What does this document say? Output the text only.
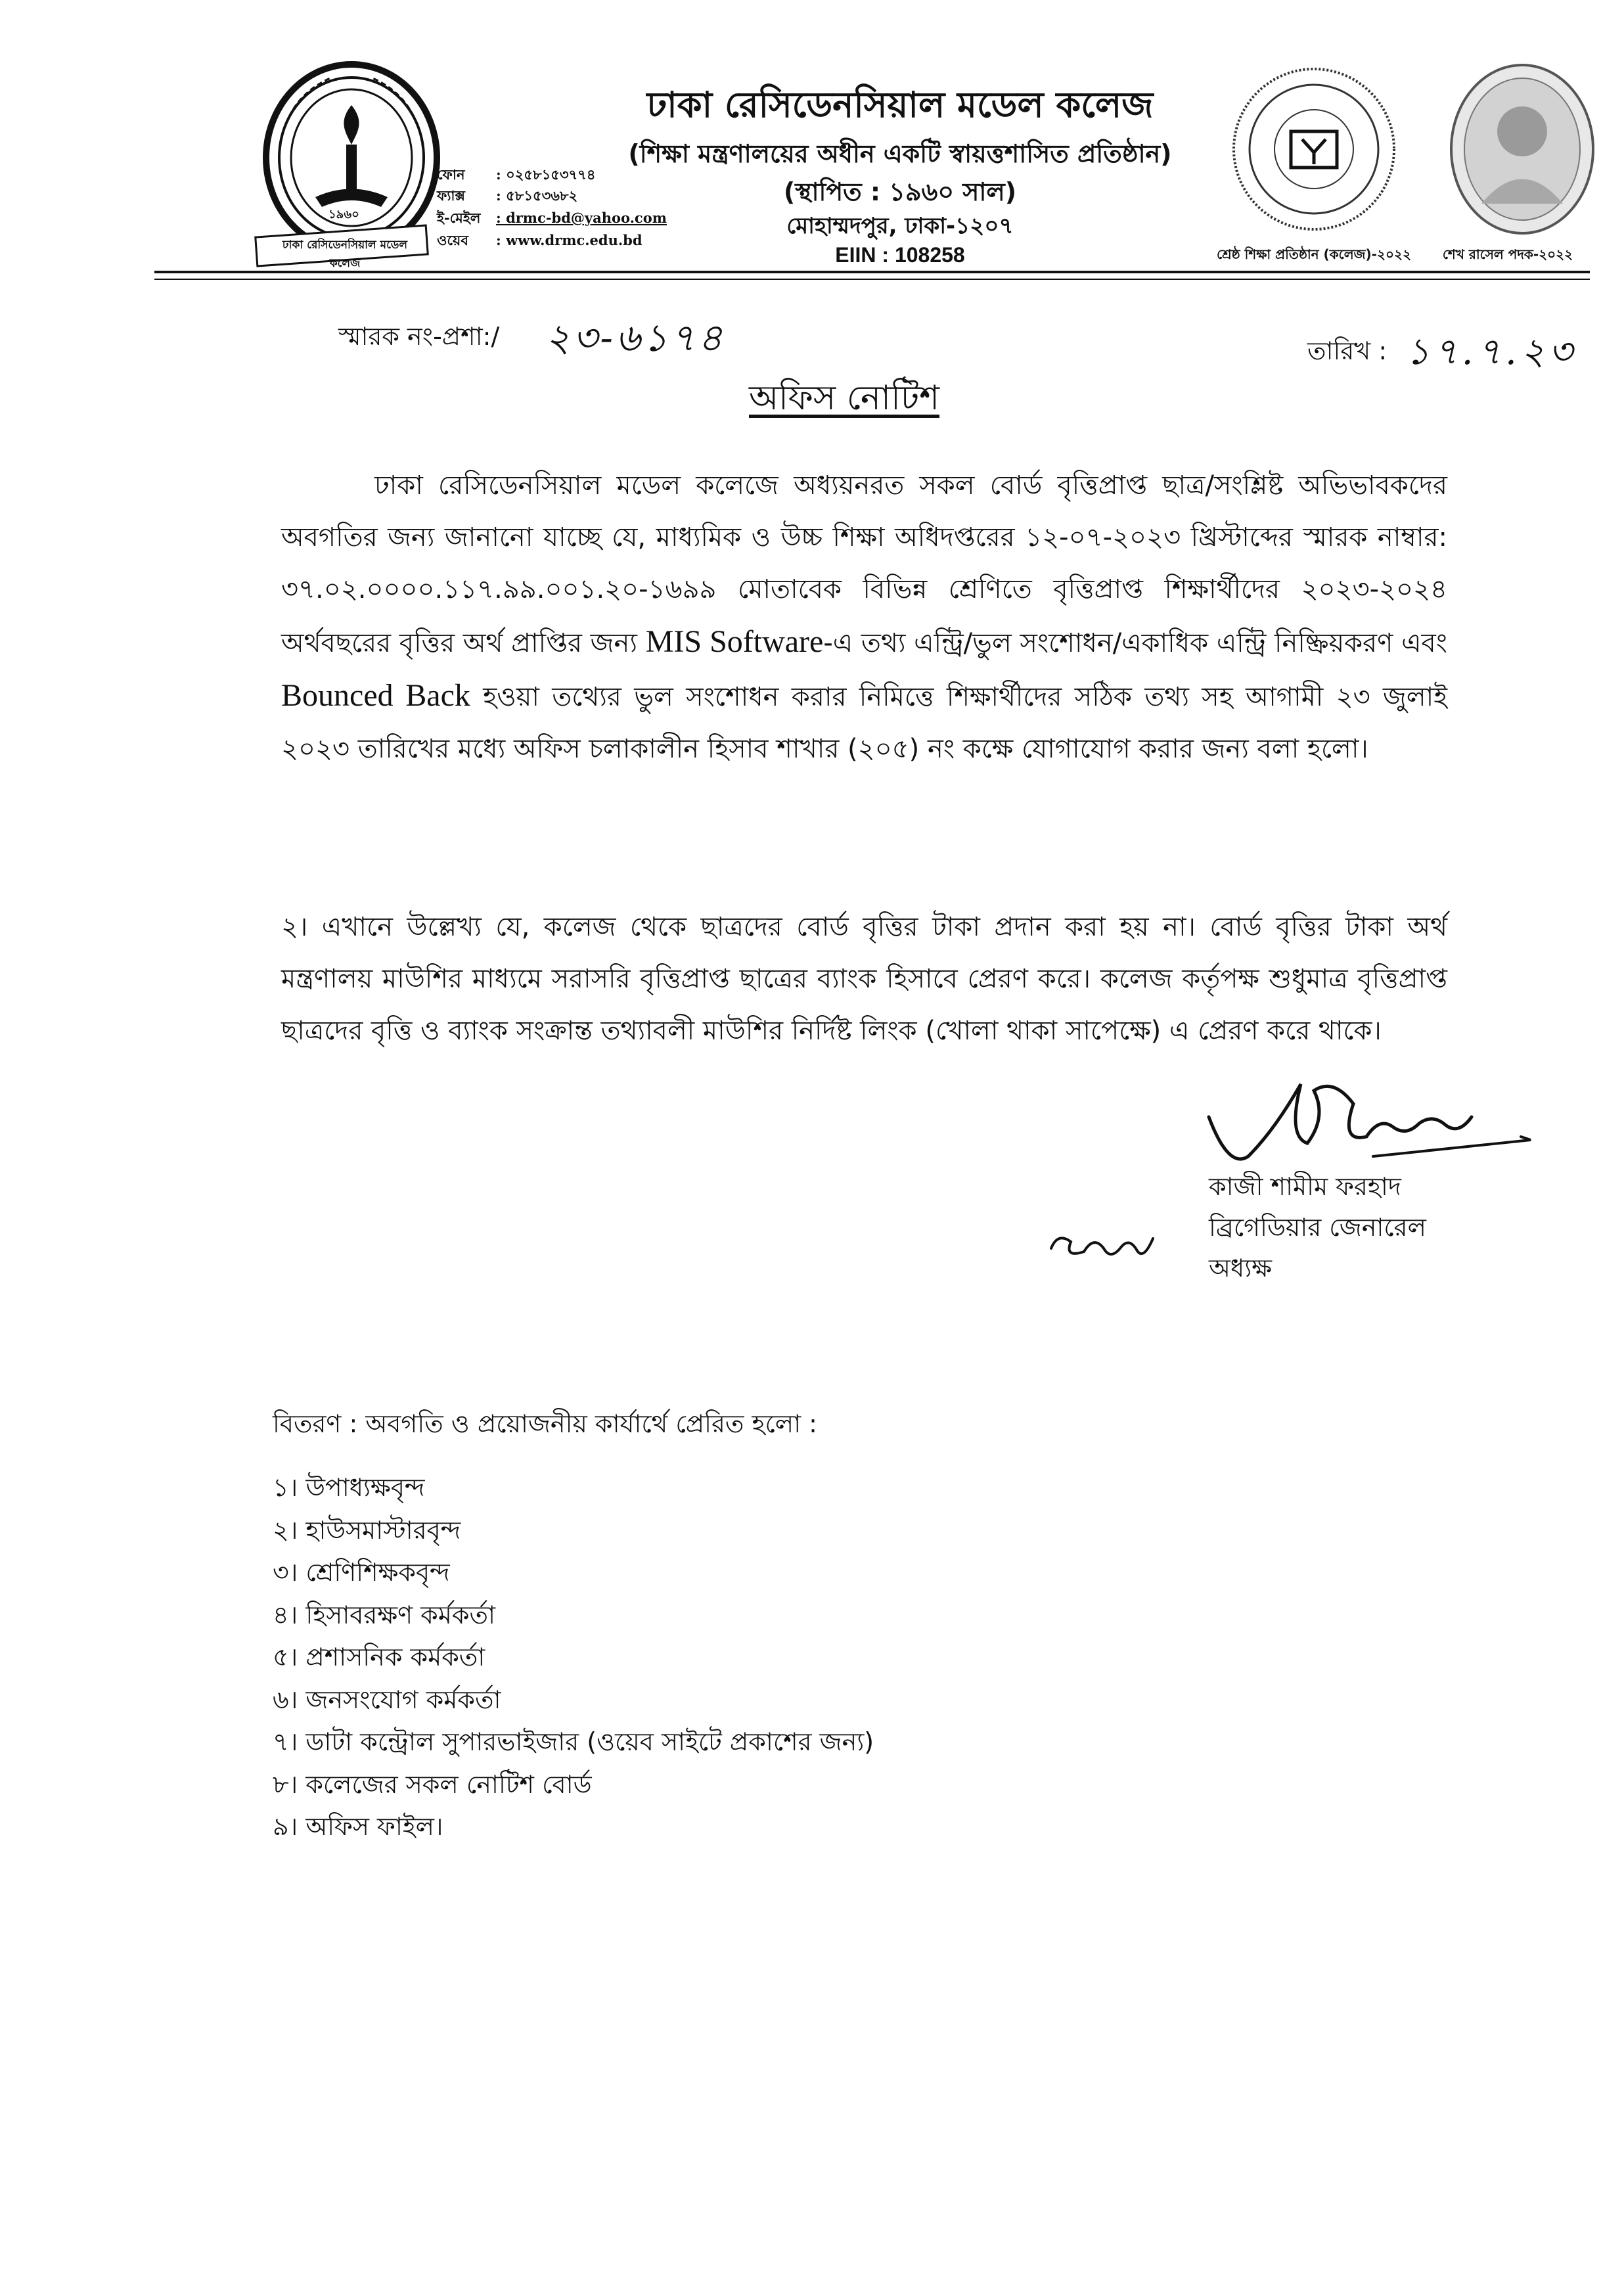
১৯৬০
ঢাকা রেসিডেনসিয়াল মডেল কলেজ
ঢাকা রেসিডেনসিয়াল মডেল কলেজ
(শিক্ষা মন্ত্রণালয়ের অধীন একটি স্বায়ত্তশাসিত প্রতিষ্ঠান)
(স্থাপিত : ১৯৬০ সাল)
মোহাম্মদপুর, ঢাকা-১২০৭
EIIN : 108258
ফোন : ০২৫৮১৫৩৭৭৪
ফ্যাক্স : ৫৮১৫৩৬৮২
ই-মেইল : drmc-bd@yahoo.com
ওয়েব : www.drmc.edu.bd
শ্রেষ্ঠ শিক্ষা প্রতিষ্ঠান (কলেজ)-২০২২	শেখ রাসেল পদক-২০২২
স্মারক নং-প্রশা:/ ২৩-৬১৭৪	তারিখ : ১৭.৭.২৩
অফিস নোটিশ
ঢাকা রেসিডেনসিয়াল মডেল কলেজে অধ্যয়নরত সকল বোর্ড বৃত্তিপ্রাপ্ত ছাত্র/সংশ্লিষ্ট অভিভাবকদের অবগতির জন্য জানানো যাচ্ছে যে, মাধ্যমিক ও উচ্চ শিক্ষা অধিদপ্তরের ১২-০৭-২০২৩ খ্রিস্টাব্দের স্মারক নাম্বার: ৩৭.০২.০০০০.১১৭.৯৯.০০১.২০-১৬৯৯ মোতাবেক বিভিন্ন শ্রেণিতে বৃত্তিপ্রাপ্ত শিক্ষার্থীদের ২০২৩-২০২৪ অর্থবছরের বৃত্তির অর্থ প্রাপ্তির জন্য MIS Software-এ তথ্য এন্ট্রি/ভুল সংশোধন/একাধিক এন্ট্রি নিষ্ক্রিয়করণ এবং Bounced Back হওয়া তথ্যের ভুল সংশোধন করার নিমিত্তে শিক্ষার্থীদের সঠিক তথ্য সহ আগামী ২৩ জুলাই ২০২৩ তারিখের মধ্যে অফিস চলাকালীন হিসাব শাখার (২০৫) নং কক্ষে যোগাযোগ করার জন্য বলা হলো।
২। এখানে উল্লেখ্য যে, কলেজ থেকে ছাত্রদের বোর্ড বৃত্তির টাকা প্রদান করা হয় না। বোর্ড বৃত্তির টাকা অর্থ মন্ত্রণালয় মাউশির মাধ্যমে সরাসরি বৃত্তিপ্রাপ্ত ছাত্রের ব্যাংক হিসাবে প্রেরণ করে। কলেজ কর্তৃপক্ষ শুধুমাত্র বৃত্তিপ্রাপ্ত ছাত্রদের বৃত্তি ও ব্যাংক সংক্রান্ত তথ্যাবলী মাউশির নির্দিষ্ট লিংক (খোলা থাকা সাপেক্ষে) এ প্রেরণ করে থাকে।
কাজী শামীম ফরহাদ
ব্রিগেডিয়ার জেনারেল
অধ্যক্ষ
বিতরণ : অবগতি ও প্রয়োজনীয় কার্যার্থে প্রেরিত হলো :
১। উপাধ্যক্ষবৃন্দ
২। হাউসমাস্টারবৃন্দ
৩। শ্রেণিশিক্ষকবৃন্দ
৪। হিসাবরক্ষণ কর্মকর্তা
৫। প্রশাসনিক কর্মকর্তা
৬। জনসংযোগ কর্মকর্তা
৭। ডাটা কন্ট্রোল সুপারভাইজার (ওয়েব সাইটে প্রকাশের জন্য)
৮। কলেজের সকল নোটিশ বোর্ড
৯। অফিস ফাইল।
